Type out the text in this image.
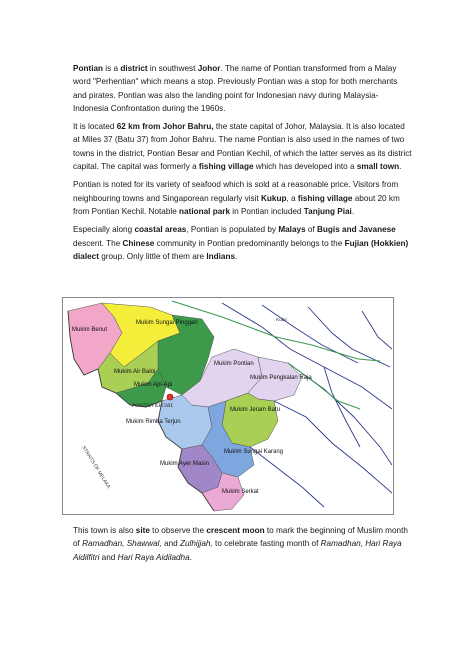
Pontian is a district in southwest Johor. The name of Pontian transformed from a Malay word "Perhentian" which means a stop. Previously Pontian was a stop for both merchants and pirates. Pontian was also the landing point for Indonesian navy during Malaysia-Indonesia Confrontation during the 1960s.

It is located 62 km from Johor Bahru, the state capital of Johor, Malaysia. It is also located at Miles 37 (Batu 37) from Johor Bahru. The name Pontian is also used in the names of two towns in the district, Pontian Besar and Pontian Kechil, of which the latter serves as its district capital. The capital was formerly a fishing village which has developed into a small town.

Pontian is noted for its variety of seafood which is sold at a reasonable price. Visitors from neighbouring towns and Singaporean regularly visit Kukup, a fishing village about 20 km from Pontian Kechil. Notable national park in Pontian included Tanjung Piai.

Especially along coastal areas, Pontian is populated by Malays of Bugis and Javanese descent. The Chinese community in Pontian predominantly belongs to the Fujian (Hokkien) dialect group. Only little of them are Indians.

Mukim Benut
Mukim Sungai Pinggan
Mukim Pontian
Mukim Air Baloi
Mukim Api-Api
Mukim Pengkalan Raja
PONTIAN KECHIL
Mukim Rimba Terjun
Mukim Jeram Batu
Mukim Sungai Karang
Mukim Ayer Masin
Mukim Serkat
Kulai
STRAITS OF MELAKA

This town is also site to observe the crescent moon to mark the beginning of Muslim month of Ramadhan, Shawwal, and Zulhijjah, to celebrate fasting month of Ramadhan, Hari Raya Aidilfitri and Hari Raya Aidiladha.
